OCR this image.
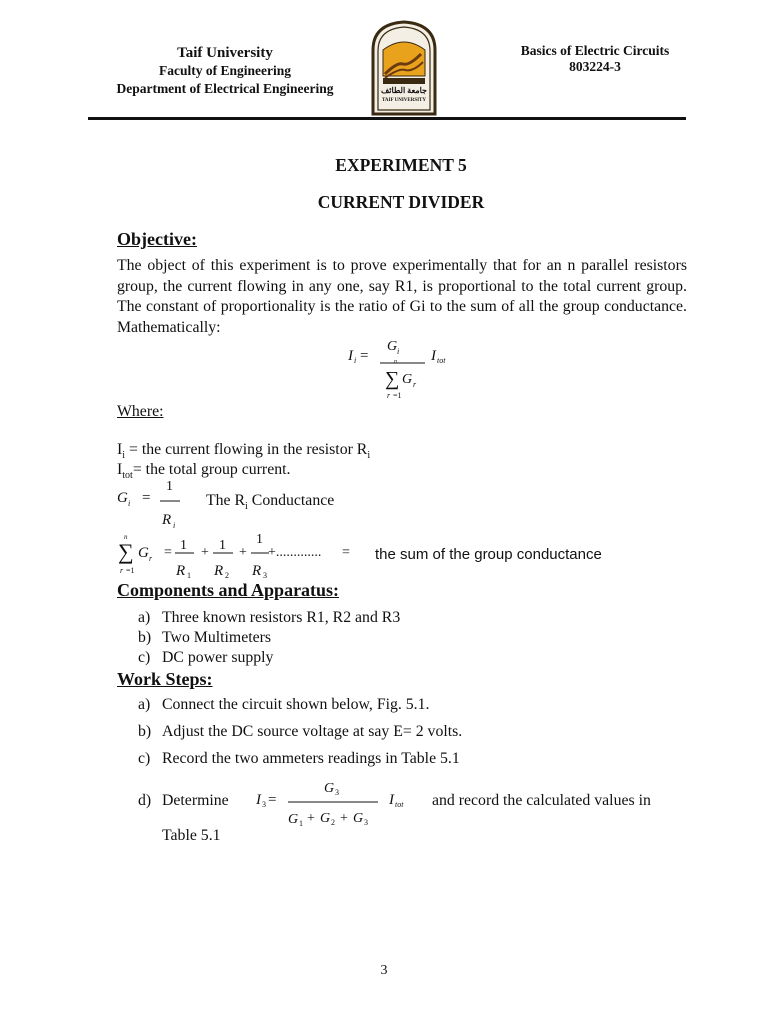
Taif University
Faculty of Engineering
Department of Electrical Engineering	جامعة الطائف
TAIF UNIVERSITY
Basics of Electric Circuits
803224-3
EXPERIMENT 5
CURRENT DIVIDER
Objective:
The object of this experiment is to prove experimentally that for an n parallel resistors group, the current flowing in any one, say R1, is proportional to the total current group. The constant of proportionality is the ratio of Gi to the sum of all the group conductance. Mathematically:
I i =
G i
n
∑ G r
r =1
I tot
Where:
$I_i$ = the current flowing in the resistor $R_i$
$I_{tot}=$ the total group current.
G i =
1
R i
The $R_i$ Conductance
n
∑ G r
r =1
= 1
R 1
+ 1
R 2
+
1
R 3
+............. = the sum of the group conductance
Components and Apparatus:
a) Three known resistors R1, R2 and R3
b) Two Multimeters
c) DC power supply
Work Steps:
a) Connect the circuit shown below, Fig. 5.1.
b) Adjust the DC source voltage at say E= 2 volts.
c) Record the two ammeters readings in Table 5.1
d) Determine I 3 =
G 3
G 1 + G 2 + G 3
I tot and record the calculated values in
Table 5.1
3
